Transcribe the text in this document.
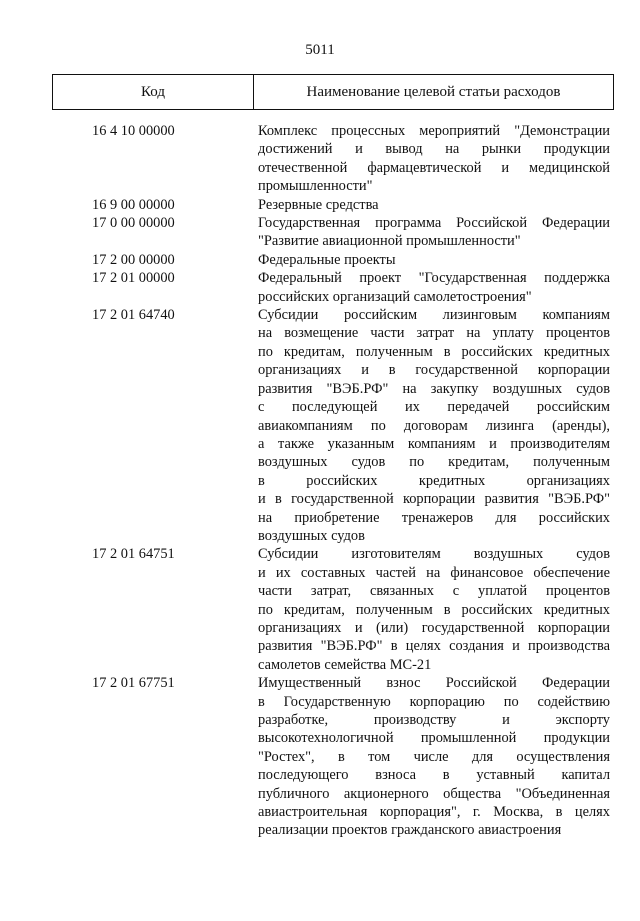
5011
Код	Наименование целевой статьи расходов
16 4 10 00000	Комплекс процессных мероприятий "Демонстрации
достижений и вывод на рынки продукции
отечественной фармацевтической и медицинской
промышленности"
16 9 00 00000	Резервные средства
17 0 00 00000	Государственная программа Российской Федерации
"Развитие авиационной промышленности"
17 2 00 00000	Федеральные проекты
17 2 01 00000	Федеральный проект "Государственная поддержка
российских организаций самолетостроения"
17 2 01 64740	Субсидии российским лизинговым компаниям
на возмещение части затрат на уплату процентов
по кредитам, полученным в российских кредитных
организациях и в государственной корпорации
развития "ВЭБ.РФ" на закупку воздушных судов
с последующей их передачей российским
авиакомпаниям по договорам лизинга (аренды),
а также указанным компаниям и производителям
воздушных судов по кредитам, полученным
в российских кредитных организациях
и в государственной корпорации развития "ВЭБ.РФ"
на приобретение тренажеров для российских
воздушных судов
17 2 01 64751	Субсидии изготовителям воздушных судов
и их составных частей на финансовое обеспечение
части затрат, связанных с уплатой процентов
по кредитам, полученным в российских кредитных
организациях и (или) государственной корпорации
развития "ВЭБ.РФ" в целях создания и производства
самолетов семейства МС-21
17 2 01 67751	Имущественный взнос Российской Федерации
в Государственную корпорацию по содействию
разработке, производству и экспорту
высокотехнологичной промышленной продукции
"Ростех", в том числе для осуществления
последующего взноса в уставный капитал
публичного акционерного общества "Объединенная
авиастроительная корпорация", г. Москва, в целях
реализации проектов гражданского авиастроения
